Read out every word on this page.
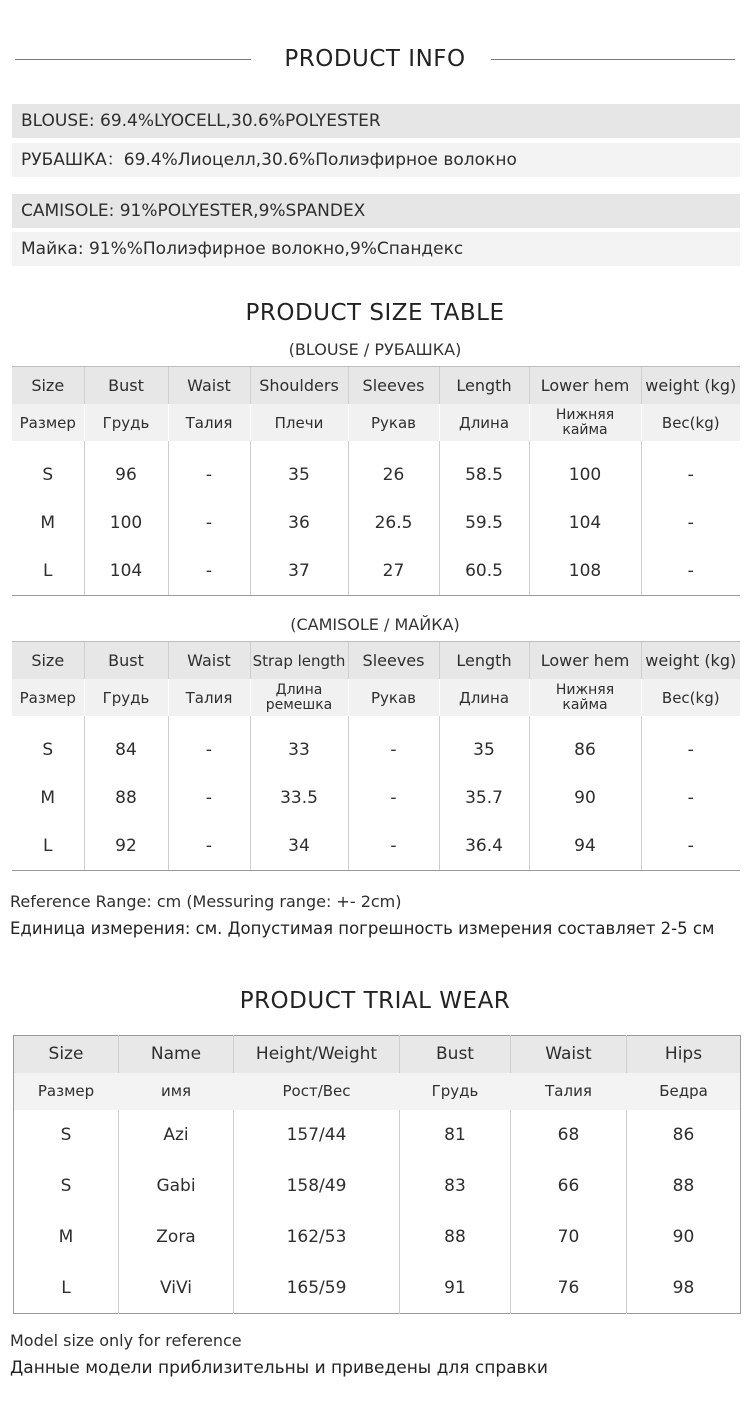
PRODUCT INFO
BLOUSE: 69.4%LYOCELL,30.6%POLYESTER
РУБАШКА：69.4%Лиоцелл,30.6%Полиэфирное волокно
CAMISOLE: 91%POLYESTER,9%SPANDEX
Майка: 91%%Полиэфирное волокно,9%Спандекс
PRODUCT SIZE TABLE
(BLOUSE / РУБАШКА)
Size	Bust	Waist	Shoulders	Sleeves	Length	Lower hem	weight (kg)
Размер	Грудь	Талия	Плечи	Рукав	Длина	Нижняя кайма	Вес(kg)

S	96	-	35	26	58.5	100	-
M	100	-	36	26.5	59.5	104	-
L	104	-	37	27	60.5	108	-
(CAMISOLE / МАЙКА)
Size	Bust	Waist	Strap length	Sleeves	Length	Lower hem	weight (kg)
Размер	Грудь	Талия	Длина ремешка	Рукав	Длина	Нижняя кайма	Вес(kg)

S	84	-	33	-	35	86	-
M	88	-	33.5	-	35.7	90	-
L	92	-	34	-	36.4	94	-
Reference Range: cm (Messuring range: +- 2cm)
Единица измерения: см. Допустимая погрешность измерения составляет 2-5 см
PRODUCT TRIAL WEAR
Size	Name	Height/Weight	Bust	Waist	Hips
Размер	имя	Рост/Вес	Грудь	Талия	Бедра
S	Azi	157/44	81	68	86
S	Gabi	158/49	83	66	88
M	Zora	162/53	88	70	90
L	ViVi	165/59	91	76	98
Model size only for reference
Данные модели приблизительны и приведены для справки
